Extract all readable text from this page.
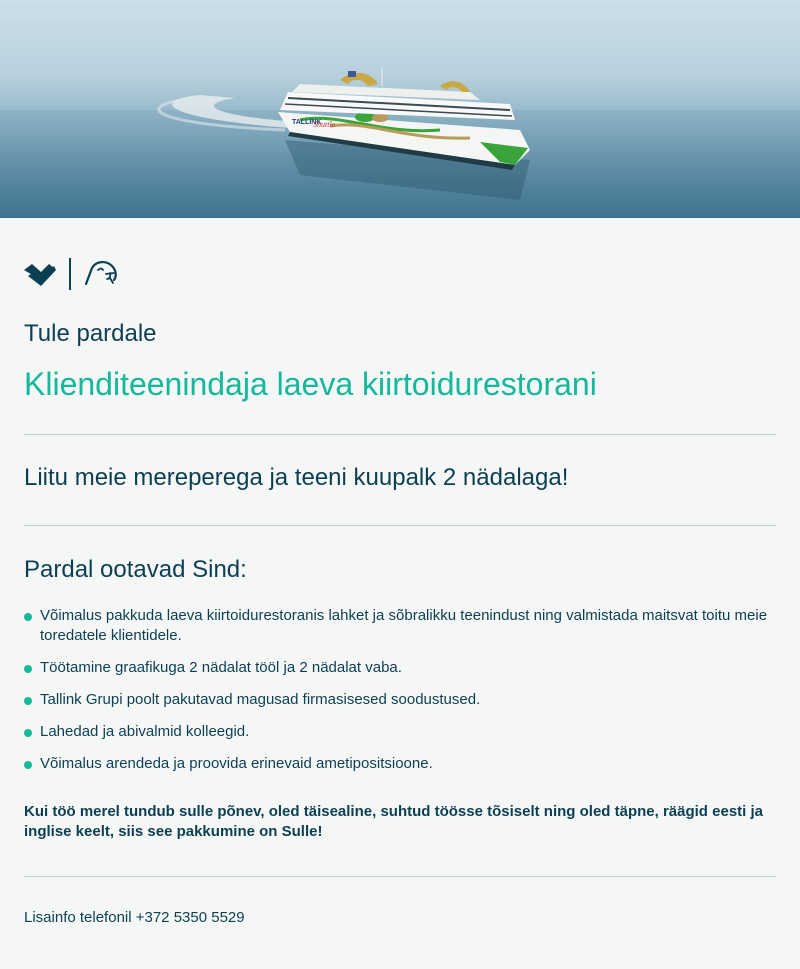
TALLINK
Shuttle
Tule pardale
Klienditeenindaja laeva kiirtoidurestorani
Liitu meie mereperega ja teeni kuupalk 2 nädalaga!
Pardal ootavad Sind:
Võimalus pakkuda laeva kiirtoidurestoranis lahket ja sõbralikku teenindust ning valmistada maitsvat toitu meie toredatele klientidele.
Töötamine graafikuga 2 nädalat tööl ja 2 nädalat vaba.
Tallink Grupi poolt pakutavad magusad firmasisesed soodustused.
Lahedad ja abivalmid kolleegid.
Võimalus arendeda ja proovida erinevaid ametipositsioone.
Kui töö merel tundub sulle põnev, oled täisealine, suhtud töösse tõsiselt ning oled täpne, räägid eesti ja inglise keelt, siis see pakkumine on Sulle!
Lisainfo telefonil +372 5350 5529
